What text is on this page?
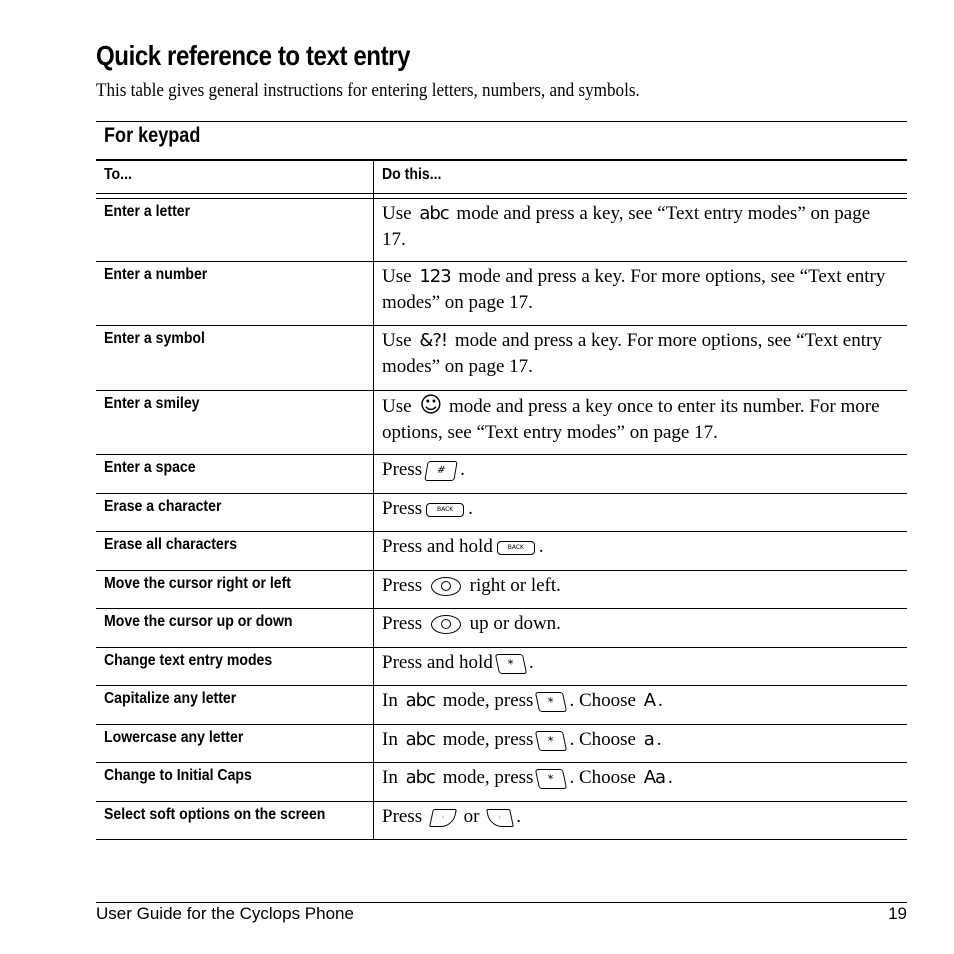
Quick reference to text entry
This table gives general instructions for entering letters, numbers, and symbols.
For keypad
To...	Do this...
Enter a letter	Use abc mode and press a key, see “Text entry modes” on page 17.
Enter a number	Use 123 mode and press a key. For more options, see “Text entry modes” on page 17.
Enter a symbol	Use &?! mode and press a key. For more options, see “Text entry modes” on page 17.
Enter a smiley	Use ☺ mode and press a key once to enter its number. For more options, see “Text entry modes” on page 17.
Enter a space	Press # .
Erase a character	Press BACK .
Erase all characters	Press and hold BACK .
Move the cursor right or left	Press	right or left.
Move the cursor up or down	Press	up or down.
Change text entry modes	Press and hold * .
Capitalize any letter	In abc mode, press * . Choose A .
Lowercase any letter	In abc mode, press * . Choose a .
Change to Initial Caps	In abc mode, press * . Choose Aa .
Select soft options on the screen	Press · or · .
User Guide for the Cyclops Phone	19
